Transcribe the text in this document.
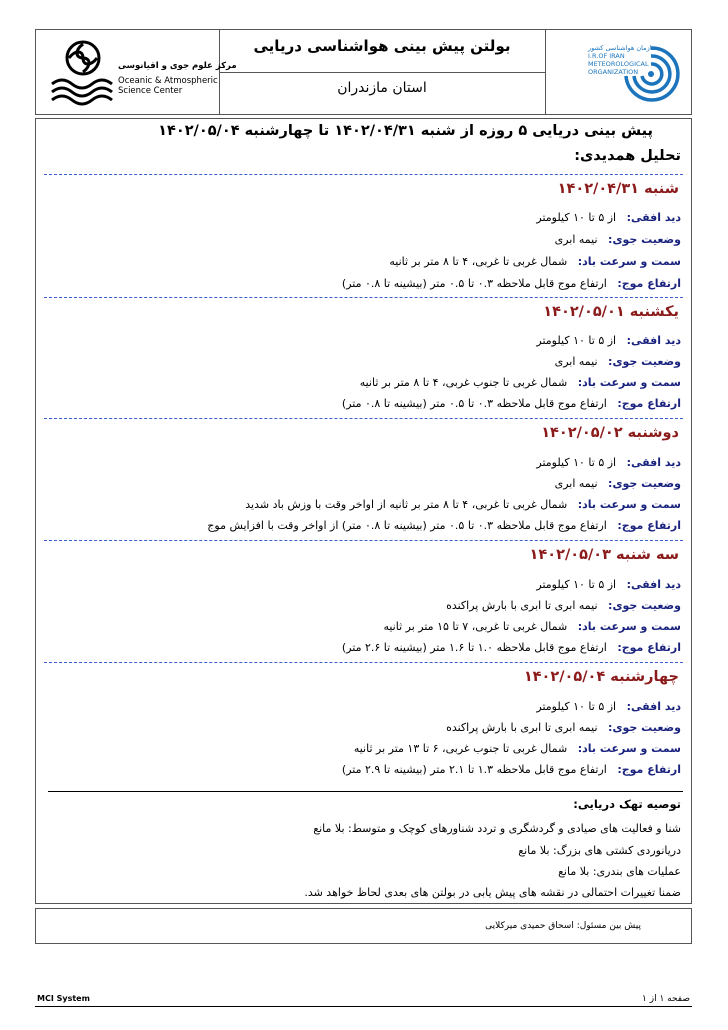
بولتن پیش بینی هواشناسی دریایی
استان مازندران
مرکز علوم جوی و اقیانوسی
Oceanic & Atmospheric
Science Center
سازمان هواشناسی کشور
I.R.OF IRAN
METEOROLOGICAL
ORGANIZATION
پیش بینی دریایی ۵ روزه از شنبه ۱۴۰۲/۰۴/۳۱ تا چهارشنبه ۱۴۰۲/۰۵/۰۴
تحلیل همدیدی:
شنبه ۱۴۰۲/۰۴/۳۱
دید افقی:   از ۵ تا ۱۰ کیلومتر
وضعیت جوی:   نیمه ابری
سمت و سرعت باد:   شمال غربی تا غربی، ۴ تا ۸ متر بر ثانیه
ارتفاع موج:   ارتفاع موج قابل ملاحظه ۰.۳ تا ۰.۵ متر (بیشینه تا ۰.۸ متر)
یکشنبه ۱۴۰۲/۰۵/۰۱
دید افقی:   از ۵ تا ۱۰ کیلومتر
وضعیت جوی:   نیمه ابری
سمت و سرعت باد:   شمال غربی تا جنوب غربی، ۴ تا ۸ متر بر ثانیه
ارتفاع موج:   ارتفاع موج قابل ملاحظه ۰.۳ تا ۰.۵ متر (بیشینه تا ۰.۸ متر)
دوشنبه ۱۴۰۲/۰۵/۰۲
دید افقی:   از ۵ تا ۱۰ کیلومتر
وضعیت جوی:   نیمه ابری
سمت و سرعت باد:   شمال غربی تا غربی، ۴ تا ۸ متر بر ثانیه از اواخر وقت با وزش باد شدید
ارتفاع موج:   ارتفاع موج قابل ملاحظه ۰.۳ تا ۰.۵ متر (بیشینه تا ۰.۸ متر) از اواخر وقت با افزایش موج
سه شنبه ۱۴۰۲/۰۵/۰۳
دید افقی:   از ۵ تا ۱۰ کیلومتر
وضعیت جوی:   نیمه ابری تا ابری با بارش پراکنده
سمت و سرعت باد:   شمال غربی تا غربی، ۷ تا ۱۵ متر بر ثانیه
ارتفاع موج:   ارتفاع موج قابل ملاحظه ۱.۰ تا ۱.۶ متر (بیشینه تا ۲.۶ متر)
چهارشنبه ۱۴۰۲/۰۵/۰۴
دید افقی:   از ۵ تا ۱۰ کیلومتر
وضعیت جوی:   نیمه ابری تا ابری با بارش پراکنده
سمت و سرعت باد:   شمال غربی تا جنوب غربی، ۶ تا ۱۳ متر بر ثانیه
ارتفاع موج:   ارتفاع موج قابل ملاحظه ۱.۳ تا ۲.۱ متر (بیشینه تا ۲.۹ متر)
توصیه تهک دریایی:
شنا و فعالیت های صیادی و گردشگری و تردد شناورهای کوچک و متوسط: بلا مانع
دریانوردی کشتی های بزرگ: بلا مانع
عملیات های بندری: بلا مانع
ضمنا تغییرات احتمالی در نقشه های پیش یابی در بولتن های بعدی لحاظ خواهد شد.
پیش بین مسئول: اسحاق حمیدی میرکلایی
MCI System	صفحه ۱ از ۱
